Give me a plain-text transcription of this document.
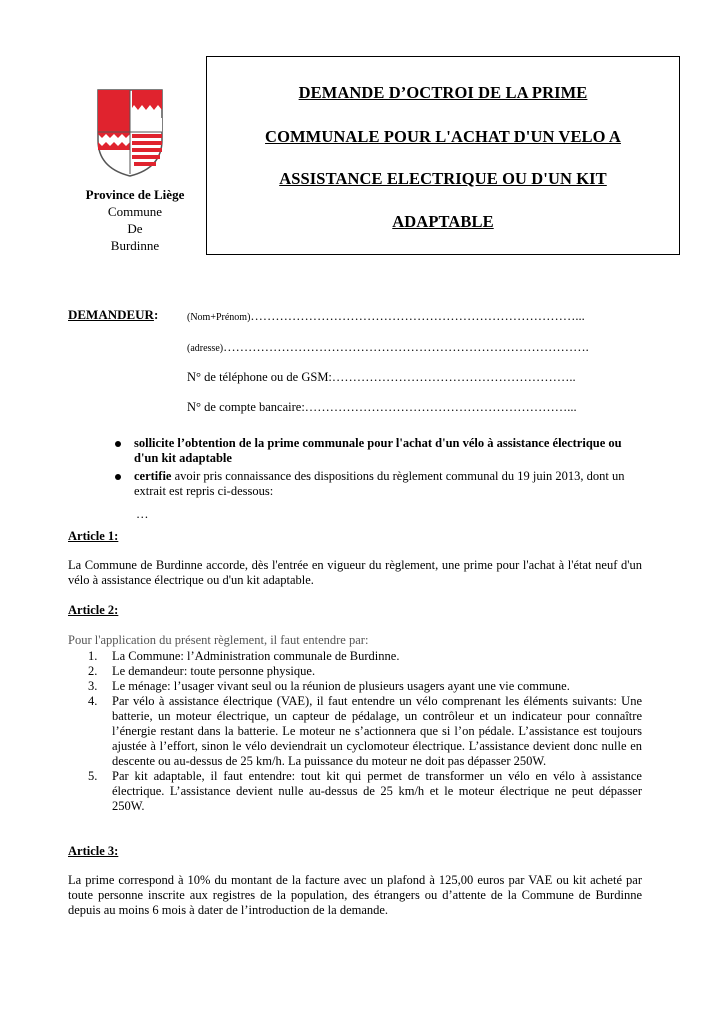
Province de Liège
Commune
De
Burdinne
DEMANDE D’OCTROI DE LA PRIME
COMMUNALE POUR L'ACHAT D'UN VELO A
ASSISTANCE ELECTRIQUE OU D'UN KIT
ADAPTABLE
DEMANDEUR:	(Nom+Prénom)……………………………………………………………………...
(adresse)…………………………………………………………………………….
N° de téléphone ou de GSM:…………………………………………………..
N° de compte bancaire:………………………………………………………...
sollicite l’obtention de la prime communale pour l'achat d'un vélo à assistance électrique ou d'un kit adaptable
certifie avoir pris connaissance des dispositions du règlement communal du 19 juin 2013, dont un extrait est repris ci-dessous:
…
Article 1:
La Commune de Burdinne accorde, dès l'entrée en vigueur du règlement, une prime pour l'achat à l'état neuf d'un vélo à assistance électrique ou d'un kit adaptable.
Article 2:
Pour l'application du présent règlement, il faut entendre par:
1. La Commune: l’Administration communale de Burdinne.
2. Le demandeur: toute personne physique.
3. Le ménage: l’usager vivant seul ou la réunion de plusieurs usagers ayant une vie commune.
4. Par vélo à assistance électrique (VAE), il faut entendre un vélo comprenant les éléments suivants: Une batterie, un moteur électrique, un capteur de pédalage, un contrôleur et un indicateur pour connaître l’énergie restant dans la batterie. Le moteur ne s’actionnera que si l’on pédale. L’assistance est toujours ajustée à l’effort, sinon le vélo deviendrait un cyclomoteur électrique. L’assistance devient donc nulle en descente ou au-dessus de 25 km/h. La puissance du moteur ne doit pas dépasser 250W.
5. Par kit adaptable, il faut entendre: tout kit qui permet de transformer un vélo en vélo à assistance électrique. L’assistance devient nulle au-dessus de 25 km/h et le moteur électrique ne peut dépasser 250W.
Article 3:
La prime correspond à 10% du montant de la facture avec un plafond à 125,00 euros par VAE ou kit acheté par toute personne inscrite aux registres de la population, des étrangers ou d’attente de la Commune de Burdinne depuis au moins 6 mois à dater de l’introduction de la demande.
